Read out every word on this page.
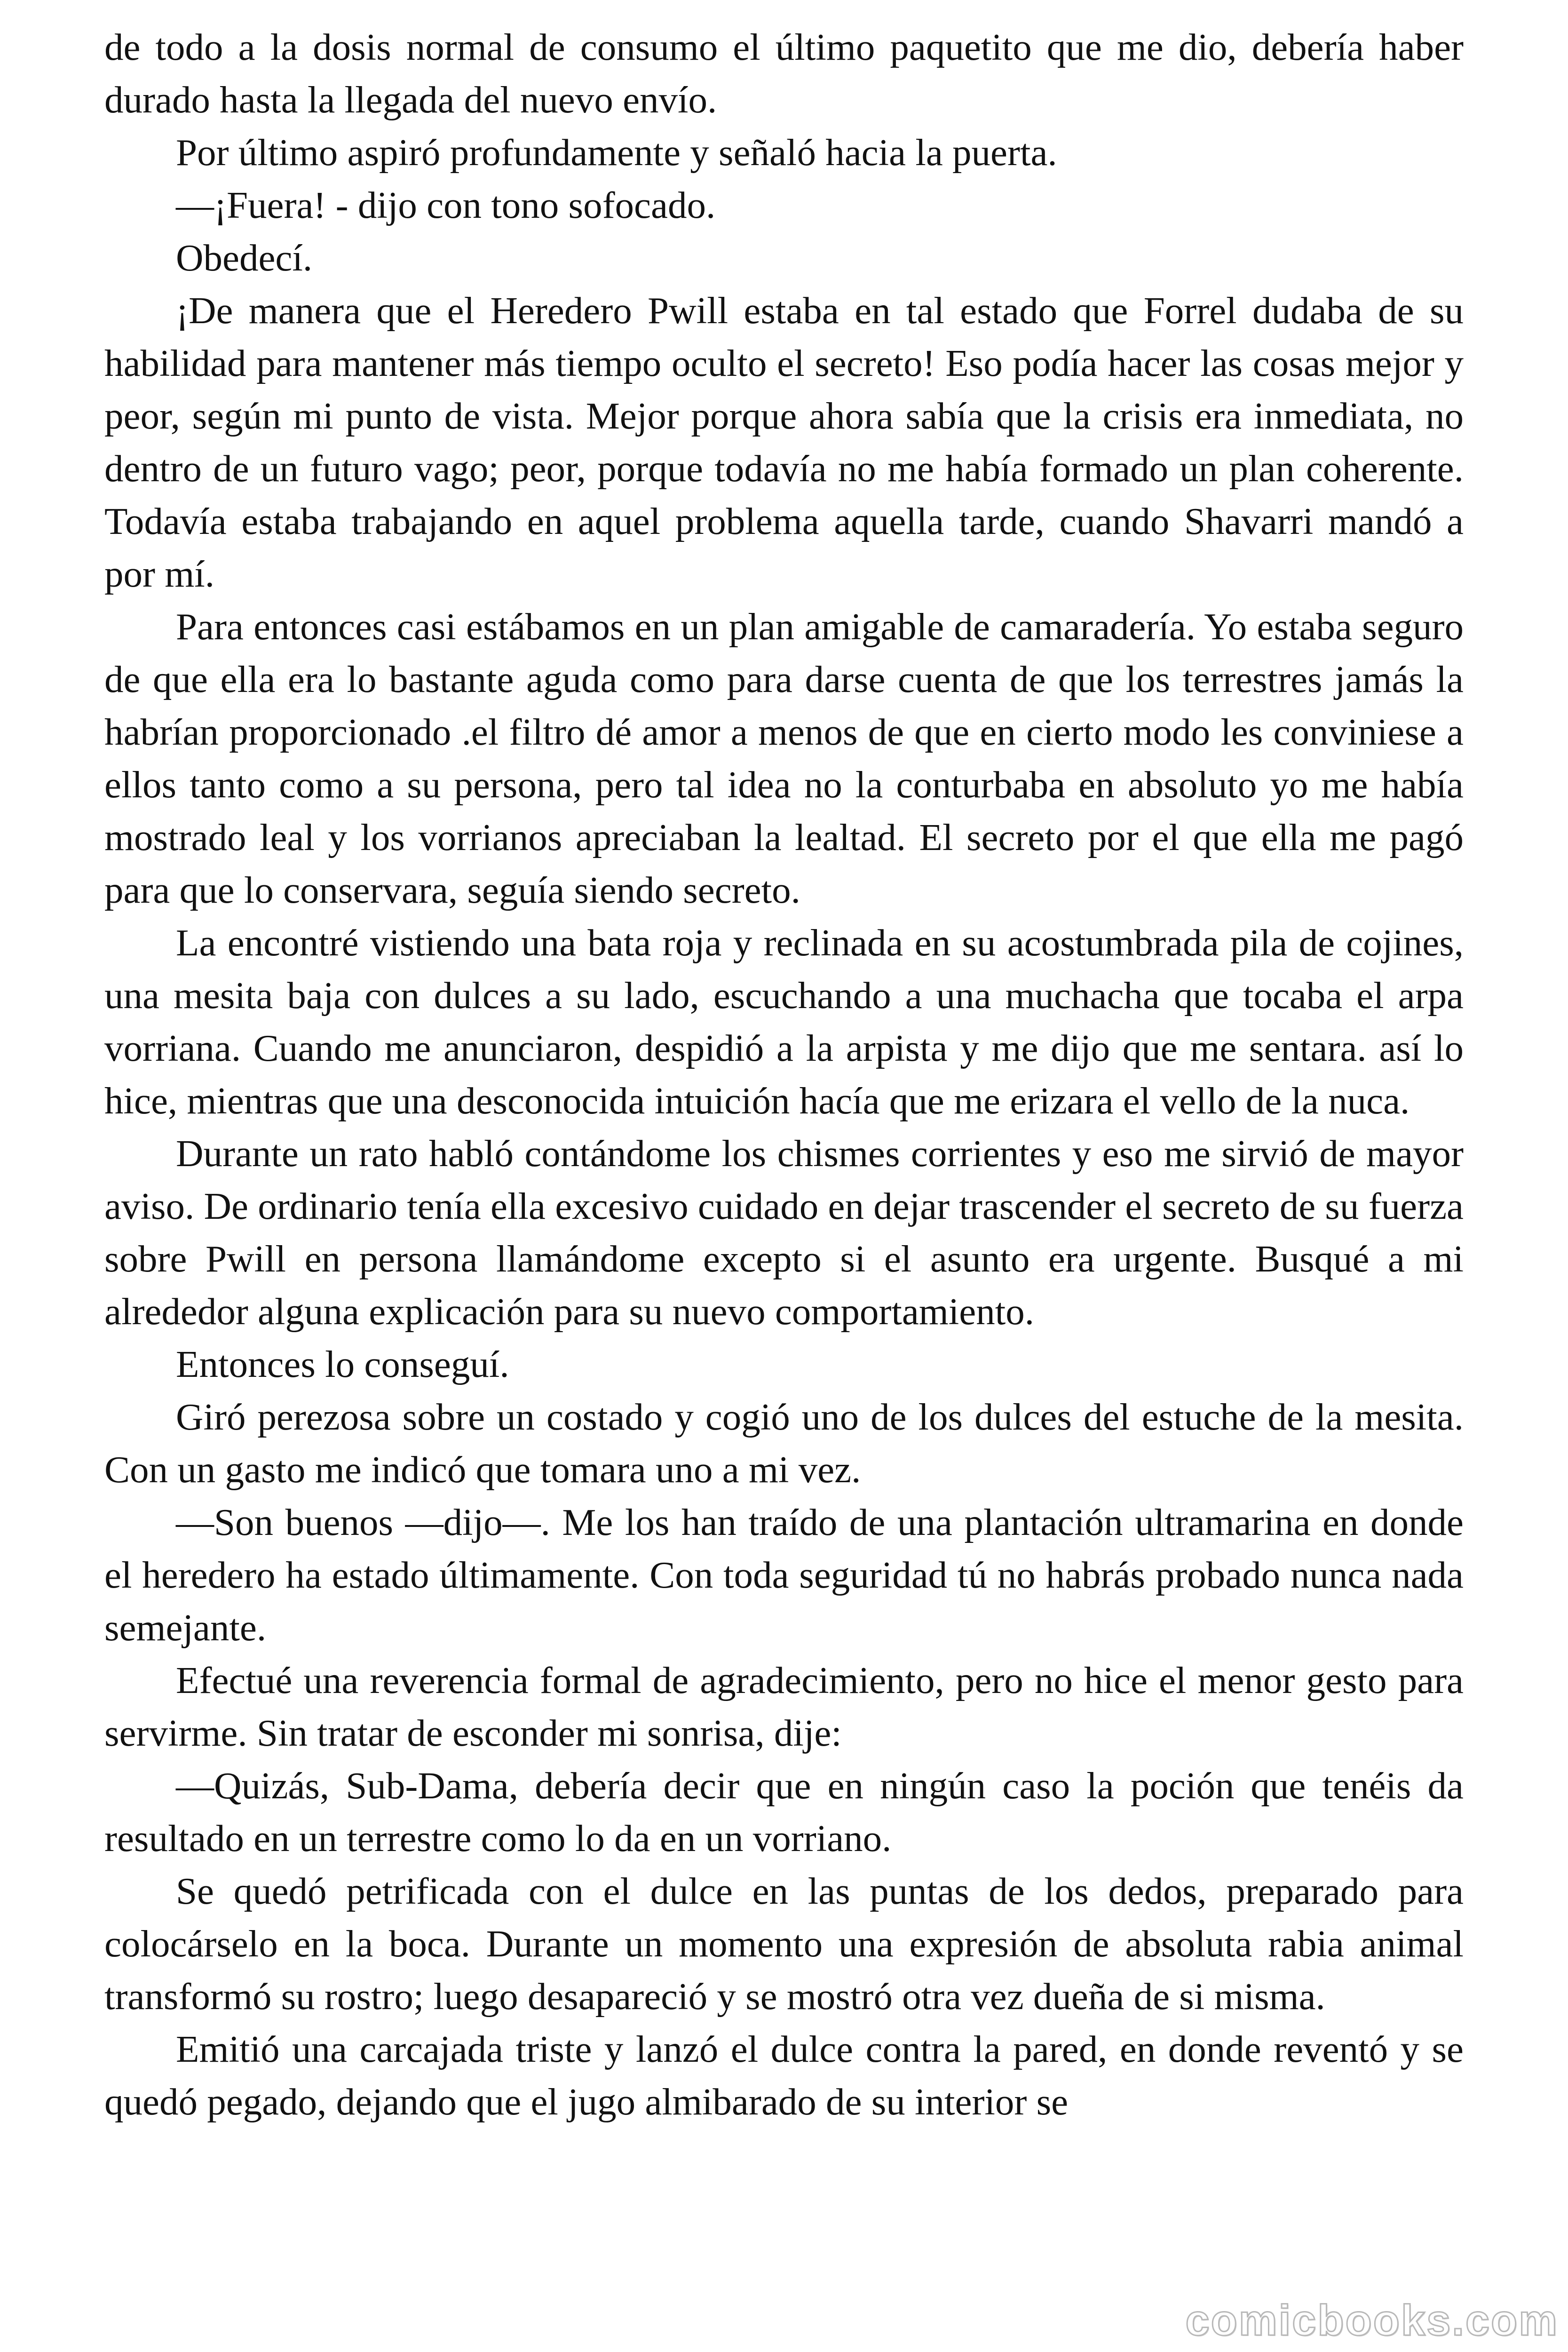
de todo a la dosis normal de consumo el último paquetito que me dio, debería haber durado hasta la llegada del nuevo envío.

Por último aspiró profundamente y señaló hacia la puerta.

—¡Fuera! - dijo con tono sofocado.

Obedecí.

¡De manera que el Heredero Pwill estaba en tal estado que Forrel dudaba de su habilidad para mantener más tiempo oculto el secreto! Eso podía hacer las cosas mejor y peor, según mi punto de vista. Mejor porque ahora sabía que la crisis era inmediata, no dentro de un futuro vago; peor, porque todavía no me había formado un plan coherente. Todavía estaba trabajando en aquel problema aquella tarde, cuando Shavarri mandó a por mí.

Para entonces casi estábamos en un plan amigable de camaradería. Yo estaba seguro de que ella era lo bastante aguda como para darse cuenta de que los terrestres jamás la habrían proporcionado .el filtro dé amor a menos de que en cierto modo les conviniese a ellos tanto como a su persona, pero tal idea no la conturbaba en absoluto yo me había mostrado leal y los vorrianos apreciaban la lealtad. El secreto por el que ella me pagó para que lo conservara, seguía siendo secreto.

La encontré vistiendo una bata roja y reclinada en su acostumbrada pila de cojines, una mesita baja con dulces a su lado, escuchando a una muchacha que tocaba el arpa vorriana. Cuando me anunciaron, despidió a la arpista y me dijo que me sentara. así lo hice, mientras que una desconocida intuición hacía que me erizara el vello de la nuca.

Durante un rato habló contándome los chismes corrientes y eso me sirvió de mayor aviso. De ordinario tenía ella excesivo cuidado en dejar trascender el secreto de su fuerza sobre Pwill en persona llamándome excepto si el asunto era urgente. Busqué a mi alrededor alguna explicación para su nuevo comportamiento.

Entonces lo conseguí.

Giró perezosa sobre un costado y cogió uno de los dulces del estuche de la mesita. Con un gasto me indicó que tomara uno a mi vez.

—Son buenos —dijo—. Me los han traído de una plantación ultramarina en donde el heredero ha estado últimamente. Con toda seguridad tú no habrás probado nunca nada semejante.

Efectué una reverencia formal de agradecimiento, pero no hice el menor gesto para servirme. Sin tratar de esconder mi sonrisa, dije:

—Quizás, Sub-Dama, debería decir que en ningún caso la poción que tenéis da resultado en un terrestre como lo da en un vorriano.

Se quedó petrificada con el dulce en las puntas de los dedos, preparado para colocárselo en la boca. Durante un momento una expresión de absoluta rabia animal transformó su rostro; luego desapareció y se mostró otra vez dueña de si misma.

Emitió una carcajada triste y lanzó el dulce contra la pared, en donde reventó y se quedó pegado, dejando que el jugo almibarado de su interior se

comicbooks.com
